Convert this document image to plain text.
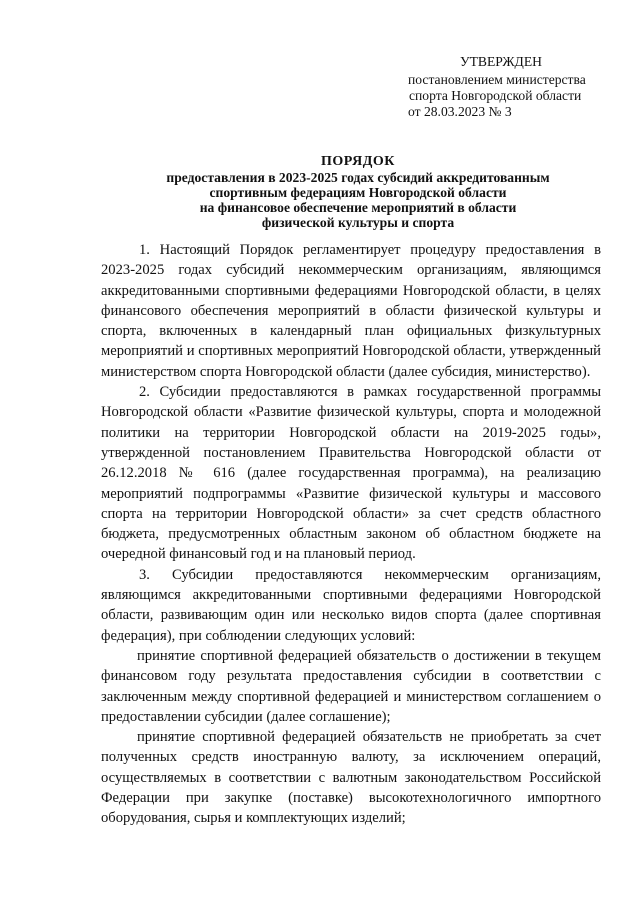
УТВЕРЖДЕН
постановлением министерства
спорта Новгородской области
от 28.03.2023 № 3
ПОРЯДОК
предоставления в 2023-2025 годах субсидий аккредитованным
спортивным федерациям Новгородской области
на финансовое обеспечение мероприятий в области
физической культуры и спорта

1. Настоящий Порядок регламентирует процедуру предоставления в 2023-2025 годах субсидий некоммерческим организациям, являющимся аккредитованными спортивными федерациями Новгородской области, в целях финансового обеспечения мероприятий в области физической культуры и спорта, включенных в календарный план официальных физкультурных мероприятий и спортивных мероприятий Новгородской области, утвержденный министерством спорта Новгородской области (далее субсидия, министерство).

2. Субсидии предоставляются в рамках государственной программы Новгородской области «Развитие физической культуры, спорта и молодежной политики на территории Новгородской области на 2019-2025 годы», утвержденной постановлением Правительства Новгородской области от 26.12.2018 № 616 (далее государственная программа), на реализацию мероприятий подпрограммы «Развитие физической культуры и массового спорта на территории Новгородской области» за счет средств областного бюджета, предусмотренных областным законом об областном бюджете на очередной финансовый год и на плановый период.

3. Субсидии предоставляются некоммерческим организациям, являющимся аккредитованными спортивными федерациями Новгородской области, развивающим один или несколько видов спорта (далее спортивная федерация), при соблюдении следующих условий:

принятие спортивной федерацией обязательств о достижении в текущем финансовом году результата предоставления субсидии в соответствии с заключенным между спортивной федерацией и министерством соглашением о предоставлении субсидии (далее соглашение);

принятие спортивной федерацией обязательств не приобретать за счет полученных средств иностранную валюту, за исключением операций, осуществляемых в соответствии с валютным законодательством Российской Федерации при закупке (поставке) высокотехнологичного импортного оборудования, сырья и комплектующих изделий;
